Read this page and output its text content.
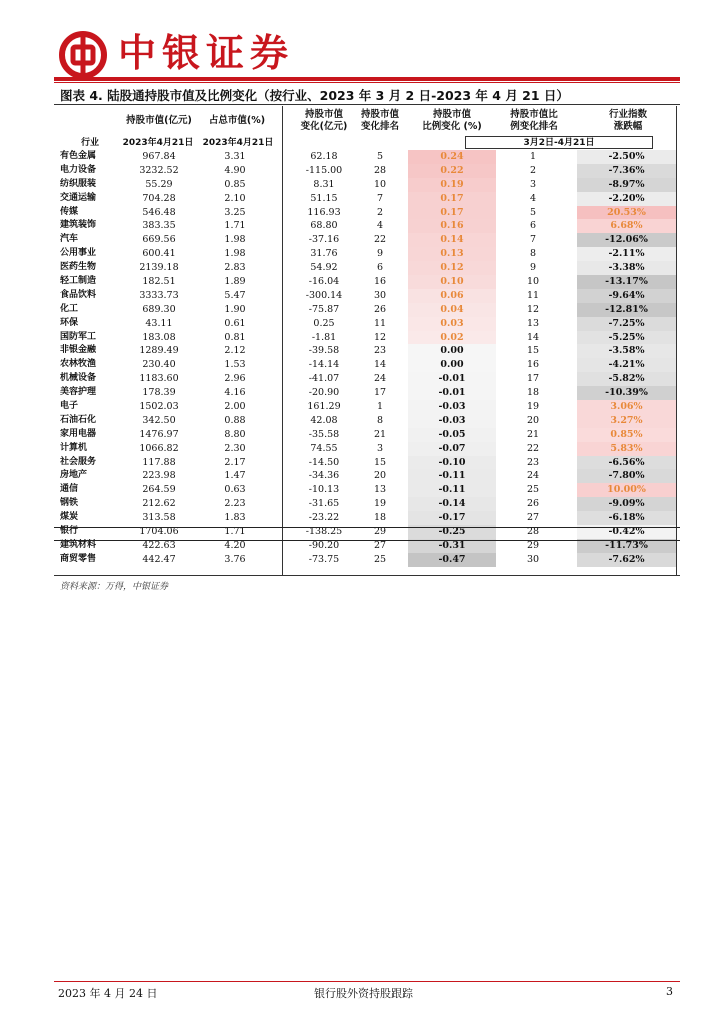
中银证券
图表 4. 陆股通持股市值及比例变化（按行业、2023 年 3 月 2 日-2023 年 4 月 21 日）
持股市值(亿元)	占总市值(%)
持股市值
变化(亿元)
持股市值
变化排名
持股市值
比例变化 (%)
持股市值比
例变化排名
行业指数
涨跌幅
行业	2023年4月21日	2023年4月21日	3月2日-4月21日
有色金属	967.84	3.31	62.18	5	0.24	1	-2.50%
电力设备	3232.52	4.90	-115.00	28	0.22	2	-7.36%
纺织服装	55.29	0.85	8.31	10	0.19	3	-8.97%
交通运输	704.28	2.10	51.15	7	0.17	4	-2.20%
传媒	546.48	3.25	116.93	2	0.17	5	20.53%
建筑装饰	383.35	1.71	68.80	4	0.16	6	6.68%
汽车	669.56	1.98	-37.16	22	0.14	7	-12.06%
公用事业	600.41	1.98	31.76	9	0.13	8	-2.11%
医药生物	2139.18	2.83	54.92	6	0.12	9	-3.38%
轻工制造	182.51	1.89	-16.04	16	0.10	10	-13.17%
食品饮料	3333.73	5.47	-300.14	30	0.06	11	-9.64%
化工	689.30	1.90	-75.87	26	0.04	12	-12.81%
环保	43.11	0.61	0.25	11	0.03	13	-7.25%
国防军工	183.08	0.81	-1.81	12	0.02	14	-5.25%
非银金融	1289.49	2.12	-39.58	23	0.00	15	-3.58%
农林牧渔	230.40	1.53	-14.14	14	0.00	16	-4.21%
机械设备	1183.60	2.96	-41.07	24	-0.01	17	-5.82%
美容护理	178.39	4.16	-20.90	17	-0.01	18	-10.39%
电子	1502.03	2.00	161.29	1	-0.03	19	3.06%
石油石化	342.50	0.88	42.08	8	-0.03	20	3.27%
家用电器	1476.97	8.80	-35.58	21	-0.05	21	0.85%
计算机	1066.82	2.30	74.55	3	-0.07	22	5.83%
社会服务	117.88	2.17	-14.50	15	-0.10	23	-6.56%
房地产	223.98	1.47	-34.36	20	-0.11	24	-7.80%
通信	264.59	0.63	-10.13	13	-0.11	25	10.00%
钢铁	212.62	2.23	-31.65	19	-0.14	26	-9.09%
煤炭	313.58	1.83	-23.22	18	-0.17	27	-6.18%
银行	1704.06	1.71	-138.25	29	-0.25	28	-0.42%
建筑材料	422.63	4.20	-90.20	27	-0.31	29	-11.73%
商贸零售	442.47	3.76	-73.75	25	-0.47	30	-7.62%
资料来源：万得，中银证券
2023 年 4 月 24 日	银行股外资持股跟踪	3
